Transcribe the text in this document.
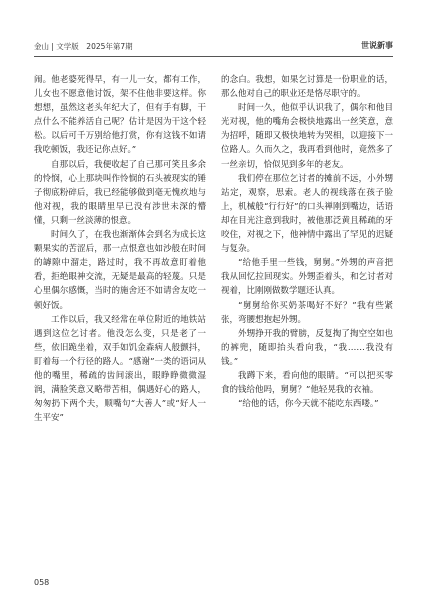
金山 | 文学版　2025年第7期	世说新事

闹。他老婆死得早，有一儿一女，都有工作，儿女也不愿意他讨饭，架不住他非要这样。你想想，虽然这老头年纪大了，但有手有脚，干点什么不能养活自己呢？估计是因为干这个轻松。以后可千万别给他打赏，你有这钱不如请我吃顿饭，我还记你点好。”

自那以后，我便收起了自己那可笑且多余的怜悯，心上那块叫作怜悯的石头被现实的锤子彻底粉碎后，我已经能够做到毫无愧疚地与他对视，我的眼睛里早已没有涉世未深的懵懂，只剩一丝淡薄的恨意。

时间久了，在我也渐渐体会到名为成长这颗果实的苦涩后，那一点恨意也如沙般在时间的罅隙中溜走，路过时，我不再故意盯着他看，拒绝眼神交流，无疑是最高的轻蔑。只是心里偶尔感慨，当时的施舍还不如请舍友吃一顿好饭。

工作以后，我又经常在单位附近的地铁站遇到这位乞讨者。他没怎么变，只是老了一些，依旧跪坐着，双手如饥金森病人般颤抖，盯着每一个行径的路人。“感谢”一类的语词从他的嘴里，稀疏的齿间滚出，眼睁睁微微湿润，满脸笑意又略带苦相，偶遇好心的路人，匆匆扔下两个夫，顺嘴句“大善人”或“好人一生平安”

的念白。我想，如果乞讨算是一份职业的话，那么他对自己的职业还是恪尽职守的。

时间一久，他似乎认识我了，偶尔和他目光对视，他的嘴角会极快地露出一丝笑意，意为招呼，随即又极快地转为哭相，以迎接下一位路人。久而久之，我再看到他时，竟然多了一丝亲切，恰似见到多年的老友。

我们停在那位乞讨者的摊前不远，小外甥站定，观察，思索。老人的视线落在孩子脸上，机械般“行行好”的口头禅刚到嘴边，话语却在目光注意到我时，被他那泛黄且稀疏的牙咬住，对视之下，他神情中露出了罕见的迟疑与复杂。

“给他手里一些钱，舅舅。”外甥的声音把我从回忆拉回现实。外甥歪着头，和乞讨者对视着，比刚刚做数学题还认真。

“舅舅给你买奶茶喝好不好？”我有些紧张，弯腰想抱起外甥。

外甥挣开我的臂膀，反复掏了掏空空如也的裤兜，随即抬头看向我，“我……我没有钱。”

我蹲下来，看向他的眼睛。“可以把买零食的钱给他吗，舅舅？”他轻晃我的衣袖。

“给他的话，你今天就不能吃东西喽。”

058
